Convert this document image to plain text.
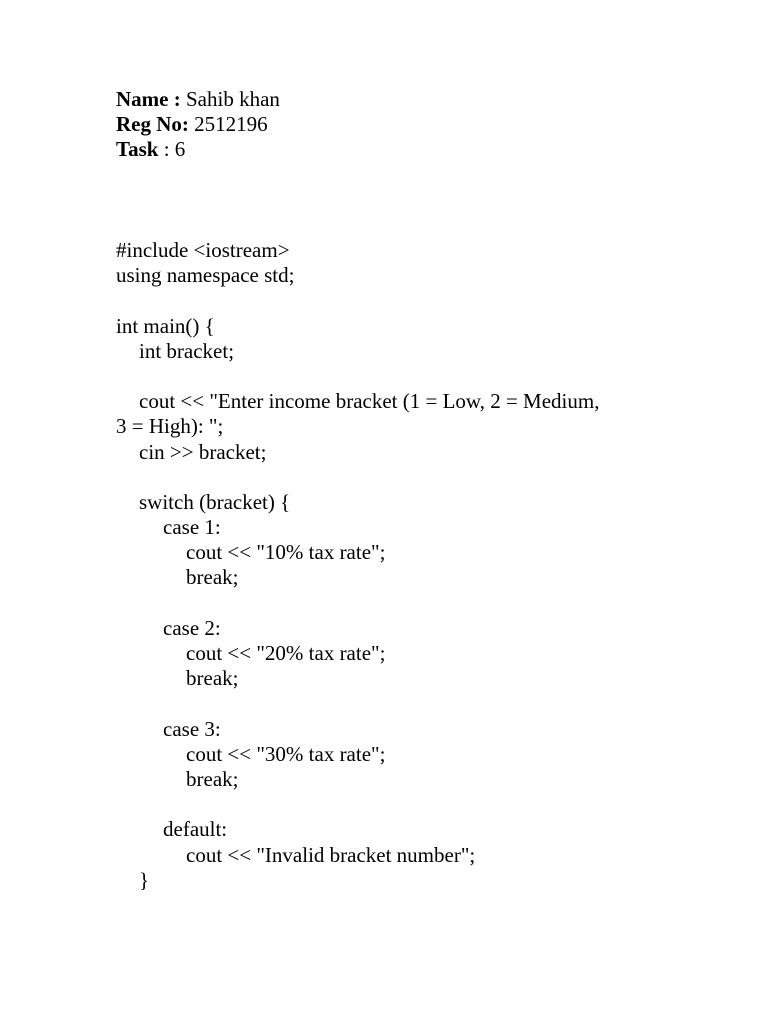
Name : Sahib khan
Reg No: 2512196
Task : 6
#include <iostream>
using namespace std;
int main() {
int bracket;
cout << "Enter income bracket (1 = Low, 2 = Medium,
3 = High): ";
cin >> bracket;
switch (bracket) {
case 1:
cout << "10% tax rate";
break;
case 2:
cout << "20% tax rate";
break;
case 3:
cout << "30% tax rate";
break;
default:
cout << "Invalid bracket number";
}
